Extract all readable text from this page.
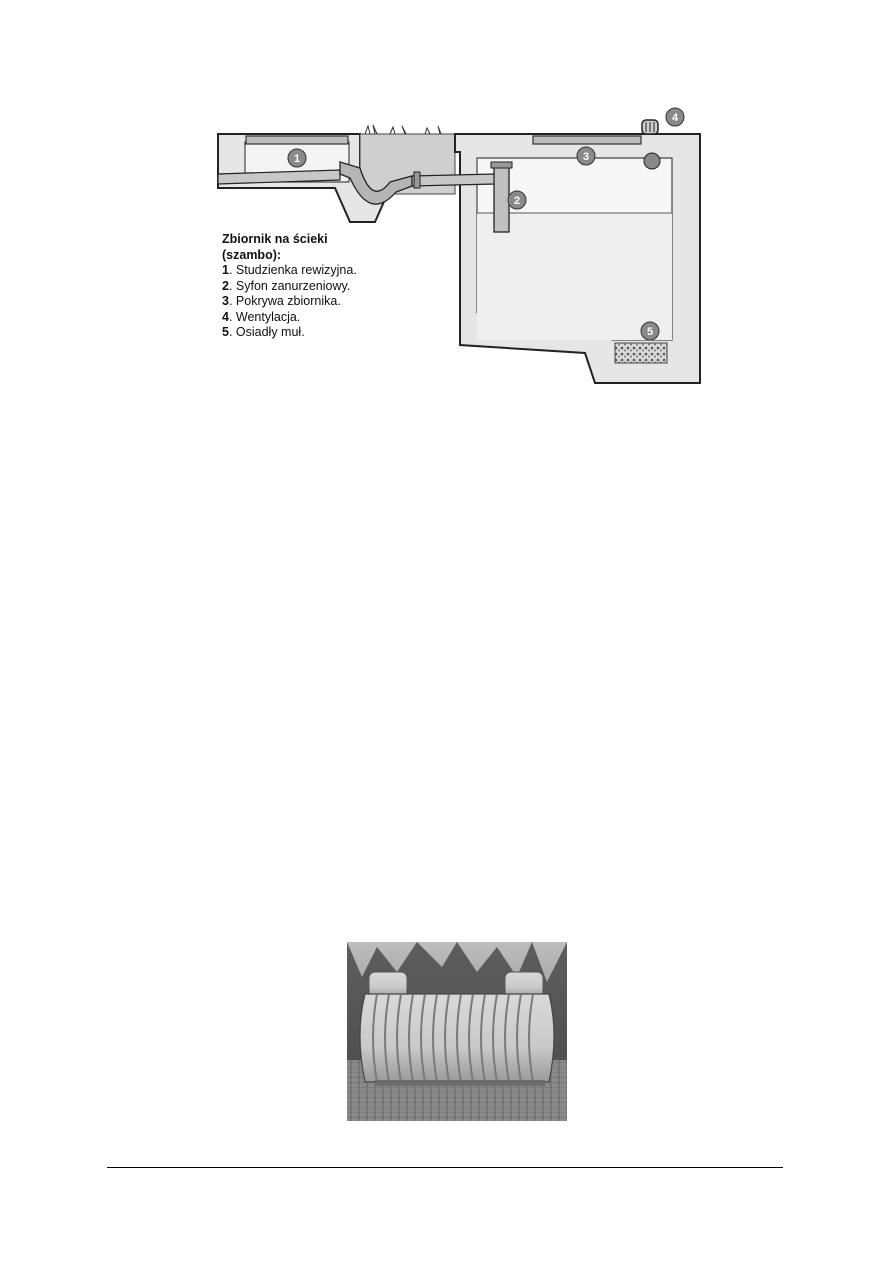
1
2
3
4
5
Zbiornik na ścieki
(szambo):
1. Studzienka rewizyjna.
2. Syfon zanurzeniowy.
3. Pokrywa zbiornika.
4. Wentylacja.
5. Osiadły muł.
